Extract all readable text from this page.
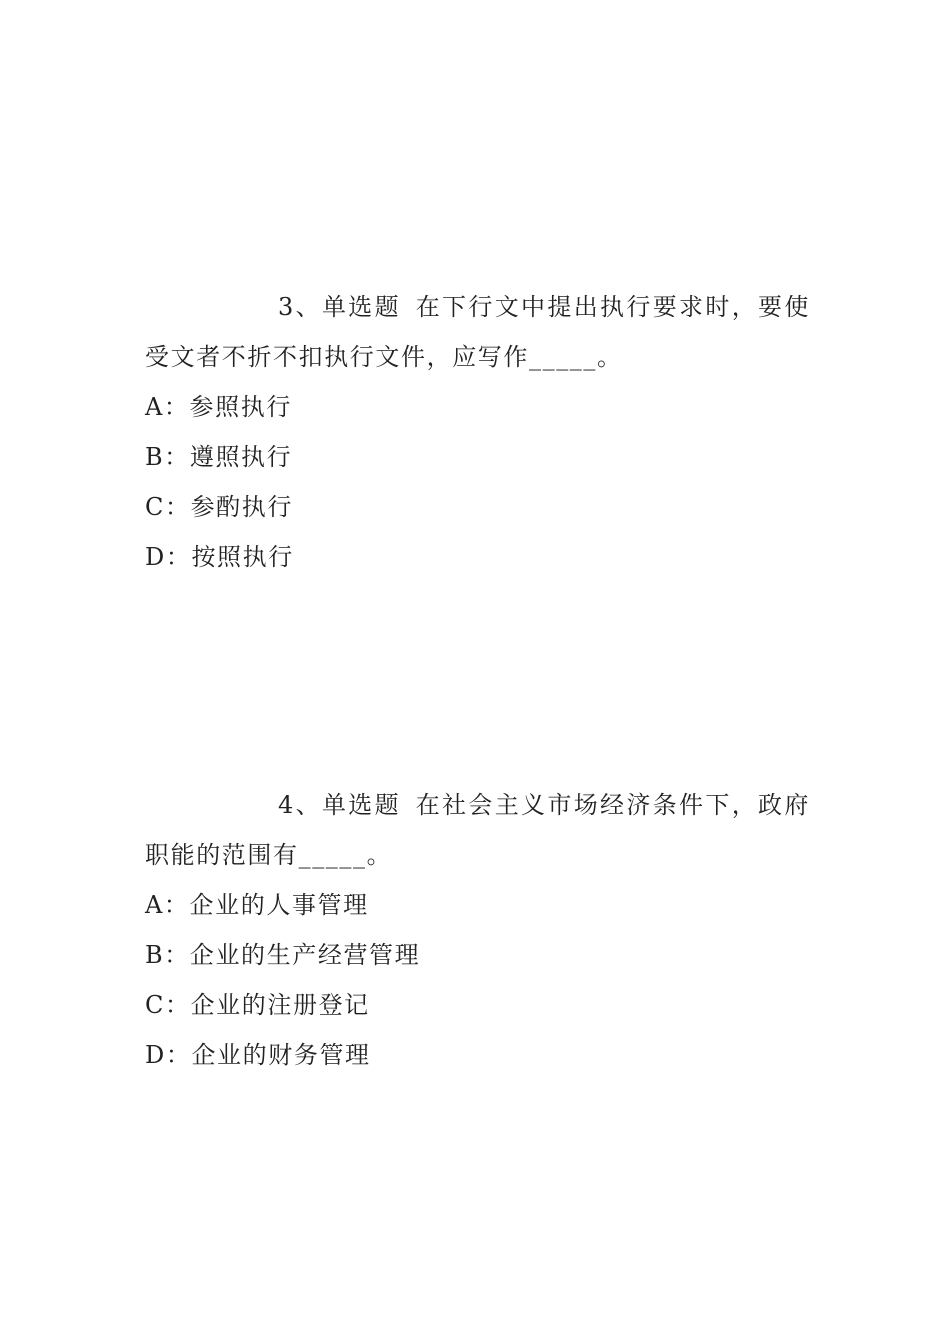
3、单选题 在下行文中提出执行要求时，要使受文者不折不扣执行文件，应写作_____。

A：参照执行

B：遵照执行

C：参酌执行

D：按照执行

4、单选题 在社会主义市场经济条件下，政府职能的范围有_____。

A：企业的人事管理

B：企业的生产经营管理

C：企业的注册登记

D：企业的财务管理
